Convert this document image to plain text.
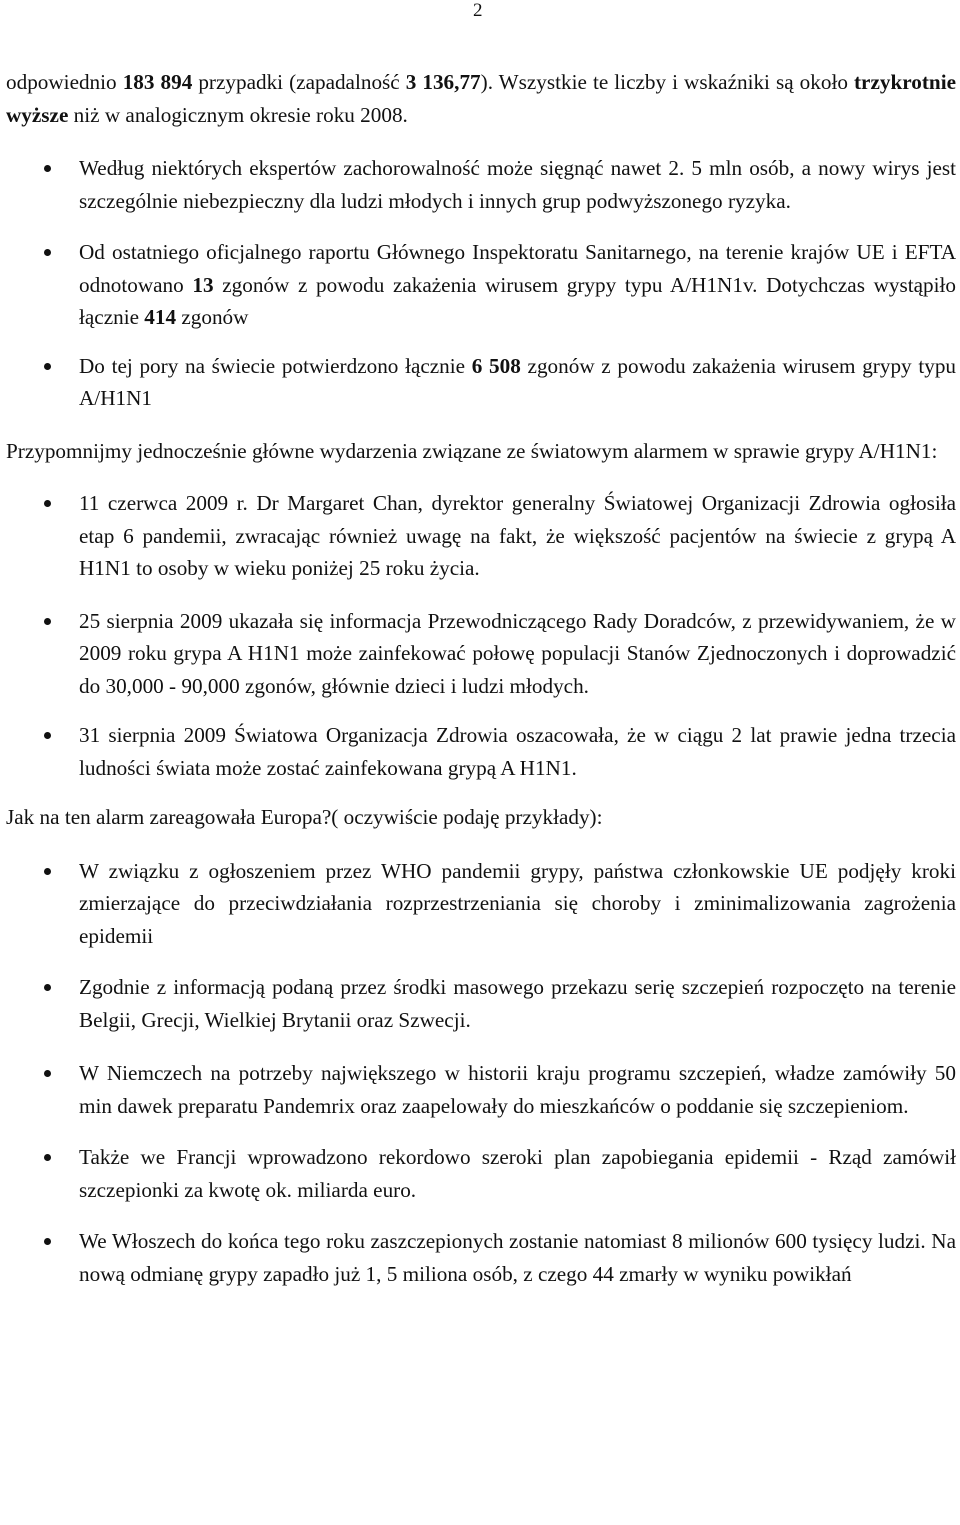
2
odpowiednio 183 894 przypadki (zapadalność 3 136,77). Wszystkie te liczby i wskaźniki są około trzykrotnie wyższe niż w analogicznym okresie roku 2008.
Według niektórych ekspertów zachorowalność może sięgnąć nawet 2. 5 mln osób, a nowy wirys jest szczególnie niebezpieczny dla ludzi młodych i innych grup podwyższonego ryzyka.
Od ostatniego oficjalnego raportu Głównego Inspektoratu Sanitarnego, na terenie krajów UE i EFTA odnotowano 13 zgonów z powodu zakażenia wirusem grypy typu A/H1N1v. Dotychczas wystąpiło łącznie 414 zgonów
Do tej pory na świecie potwierdzono łącznie 6 508 zgonów z powodu zakażenia wirusem grypy typu A/H1N1
Przypomnijmy jednocześnie główne wydarzenia związane ze światowym alarmem w sprawie grypy A/H1N1:
11 czerwca 2009 r. Dr Margaret Chan, dyrektor generalny Światowej Organizacji Zdrowia ogłosiła etap 6 pandemii, zwracając również uwagę na fakt, że większość pacjentów na świecie z grypą A H1N1 to osoby w wieku poniżej 25 roku życia.
25 sierpnia 2009 ukazała się informacja Przewodniczącego Rady Doradców, z przewidywaniem, że w 2009 roku grypa A H1N1 może zainfekować połowę populacji Stanów Zjednoczonych i doprowadzić do 30,000 - 90,000 zgonów, głównie dzieci i ludzi młodych.
31 sierpnia 2009 Światowa Organizacja Zdrowia oszacowała, że w ciągu 2 lat prawie jedna trzecia ludności świata może zostać zainfekowana grypą A H1N1.
Jak na ten alarm zareagowała Europa?( oczywiście podaję przykłady):
W związku z ogłoszeniem przez WHO pandemii grypy, państwa członkowskie UE podjęły kroki zmierzające do przeciwdziałania rozprzestrzeniania się choroby i zminimalizowania zagrożenia epidemii
Zgodnie z informacją podaną przez środki masowego przekazu serię szczepień rozpoczęto na terenie Belgii, Grecji, Wielkiej Brytanii oraz Szwecji.
W Niemczech na potrzeby największego w historii kraju programu szczepień, władze zamówiły 50 min dawek preparatu Pandemrix oraz zaapelowały do mieszkańców o poddanie się szczepieniom.
Także we Francji wprowadzono rekordowo szeroki plan zapobiegania epidemii - Rząd zamówił szczepionki za kwotę ok. miliarda euro.
We Włoszech do końca tego roku zaszczepionych zostanie natomiast 8 milionów 600 tysięcy ludzi. Na nową odmianę grypy zapadło już 1, 5 miliona osób, z czego 44 zmarły w wyniku powikłań
